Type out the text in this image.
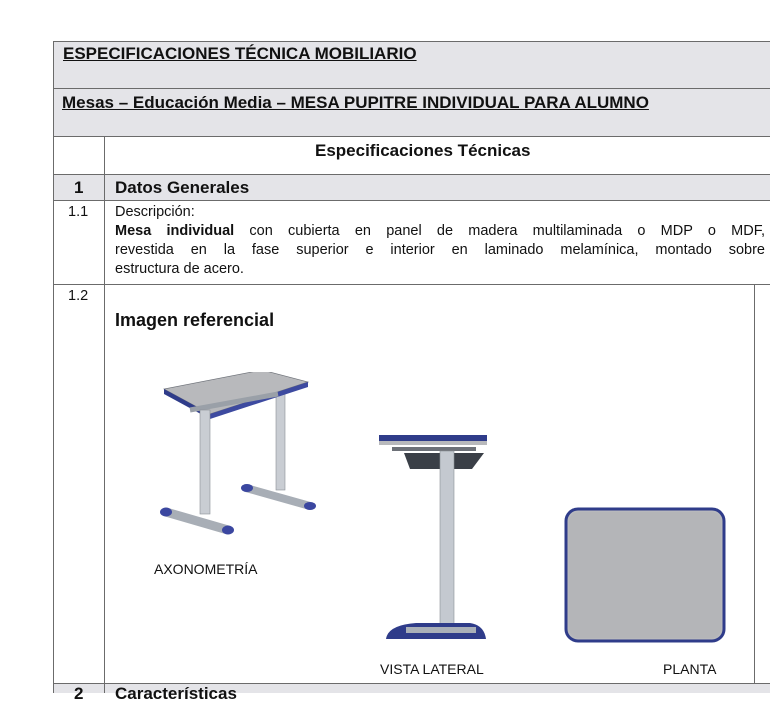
ESPECIFICACIONES TÉCNICA MOBILIARIO
Mesas – Educación Media – MESA PUPITRE INDIVIDUAL PARA ALUMNO
Especificaciones Técnicas
1 Datos Generales
1.1 Descripción:
Mesa individual con cubierta en panel de madera multilaminada o MDP o MDF,
revestida en la fase superior e interior en laminado melamínica, montado sobre
estructura de acero.
1.2
Imagen referencial
AXONOMETRÍA
VISTA LATERAL	PLANTA
2 Características
